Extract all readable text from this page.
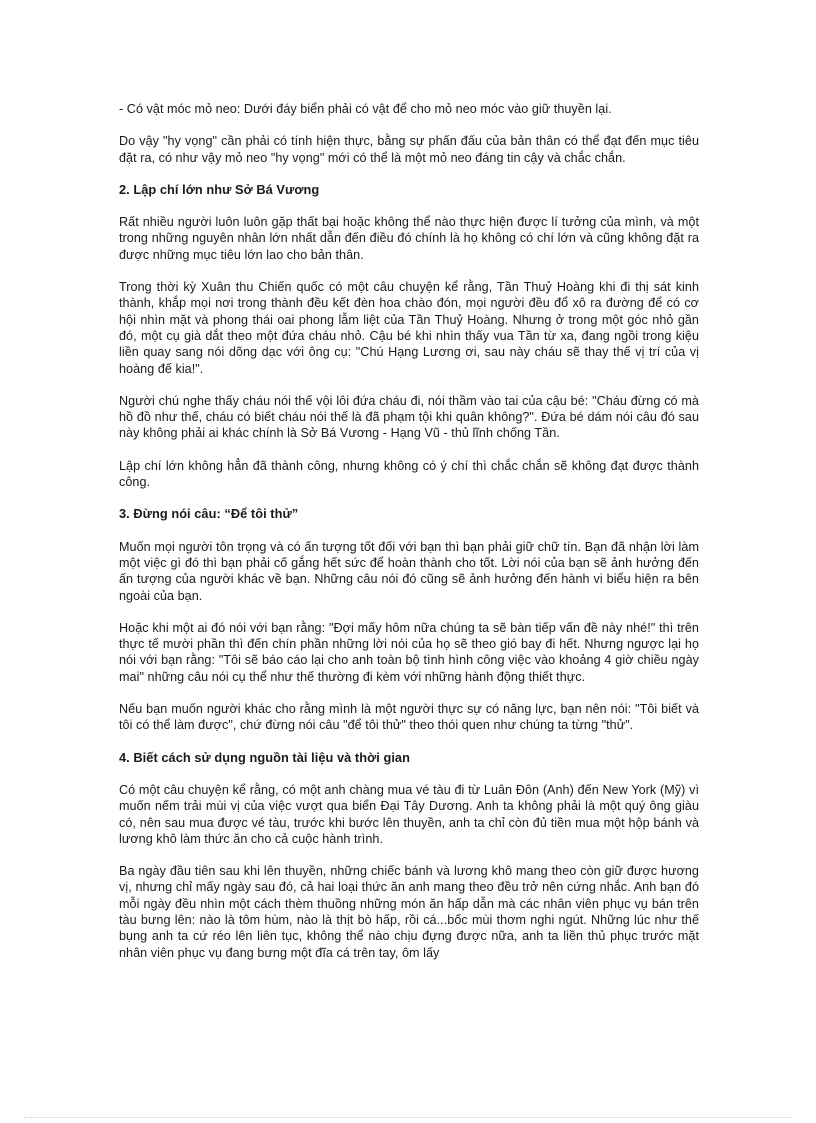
- Có vật móc mỏ neo: Dưới đáy biển phải có vật để cho mỏ neo móc vào giữ thuyền lại.

Do vậy "hy vọng" cần phải có tính hiện thực, bằng sự phấn đấu của bản thân có thể đạt đến mục tiêu đặt ra, có như vậy mỏ neo "hy vọng" mới có thể là một mỏ neo đáng tin cậy và chắc chắn.

2. Lập chí lớn như Sở Bá Vương

Rất nhiều người luôn luôn gặp thất bại hoặc không thể nào thực hiện được lí tưởng của mình, và một trong những nguyên nhân lớn nhất dẫn đến điều đó chính là họ không có chí lớn và cũng không đặt ra được những mục tiêu lớn lao cho bản thân.

Trong thời kỳ Xuân thu Chiến quốc có một câu chuyện kể rằng, Tần Thuỷ Hoàng khi đi thị sát kinh thành, khắp mọi nơi trong thành đều kết đèn hoa chào đón, mọi người đều đổ xô ra đường để có cơ hội nhìn mặt và phong thái oai phong lẫm liệt của Tần Thuỷ Hoàng. Nhưng ở trong một góc nhỏ gần đó, một cụ già dắt theo một đứa cháu nhỏ. Cậu bé khi nhìn thấy vua Tần từ xa, đang ngồi trong kiệu liền quay sang nói dõng dạc với ông cụ: "Chú Hạng Lương ơi, sau này cháu sẽ thay thế vị trí của vị hoàng đế kia!".

Người chú nghe thấy cháu nói thế vội lôi đứa cháu đi, nói thầm vào tai của cậu bé: "Cháu đừng có mà hồ đồ như thế, cháu có biết cháu nói thế là đã phạm tội khi quân không?". Đứa bé dám nói câu đó sau này không phải ai khác chính là Sở Bá Vương - Hạng Vũ - thủ lĩnh chống Tần.

Lập chí lớn không hẳn đã thành công, nhưng không có ý chí thì chắc chắn sẽ không đạt được thành công.

3. Đừng nói câu: “Để tôi thử”

Muốn mọi người tôn trọng và có ấn tượng tốt đối với bạn thì bạn phải giữ chữ tín. Bạn đã nhận lời làm một việc gì đó thì bạn phải cố gắng hết sức để hoàn thành cho tốt. Lời nói của bạn sẽ ảnh hưởng đến ấn tượng của người khác về bạn. Những câu nói đó cũng sẽ ảnh hưởng đến hành vi biểu hiện ra bên ngoài của bạn.

Hoặc khi một ai đó nói với bạn rằng: "Đợi mấy hôm nữa chúng ta sẽ bàn tiếp vấn đề này nhé!" thì trên thực tế mười phần thì đến chín phần những lời nói của họ sẽ theo gió bay đi hết. Nhưng ngược lại họ nói với bạn rằng: "Tôi sẽ báo cáo lại cho anh toàn bộ tình hình công việc vào khoảng 4 giờ chiều ngày mai" những câu nói cụ thể như thế thường đi kèm với những hành động thiết thực.

Nếu bạn muốn người khác cho rằng mình là một người thực sự có năng lực, bạn nên nói: "Tôi biết và tôi có thể làm được", chứ đừng nói câu "để tôi thử" theo thói quen như chúng ta từng "thử".

4. Biết cách sử dụng nguồn tài liệu và thời gian

Có một câu chuyện kể rằng, có một anh chàng mua vé tàu đi từ Luân Đôn (Anh) đến New York (Mỹ) vì muốn nếm trải mùi vị của việc vượt qua biển Đại Tây Dương. Anh ta không phải là một quý ông giàu có, nên sau mua được vé tàu, trước khi bước lên thuyền, anh ta chỉ còn đủ tiền mua một hộp bánh và lương khô làm thức ăn cho cả cuộc hành trình.

Ba ngày đầu tiên sau khi lên thuyền, những chiếc bánh và lương khô mang theo còn giữ được hương vị, nhưng chỉ mấy ngày sau đó, cả hai loại thức ăn anh mang theo đều trở nên cứng nhắc. Anh bạn đó mỗi ngày đều nhìn một cách thèm thuồng những món ăn hấp dẫn mà các nhân viên phục vụ bán trên tàu bưng lên: nào là tôm hùm, nào là thịt bò hấp, rồi cá...bốc mùi thơm nghi ngút. Những lúc như thế bụng anh ta cứ réo lên liên tục, không thể nào chịu đựng được nữa, anh ta liền thủ phục trước mặt nhân viên phục vụ đang bưng một đĩa cá trên tay, ôm lấy
